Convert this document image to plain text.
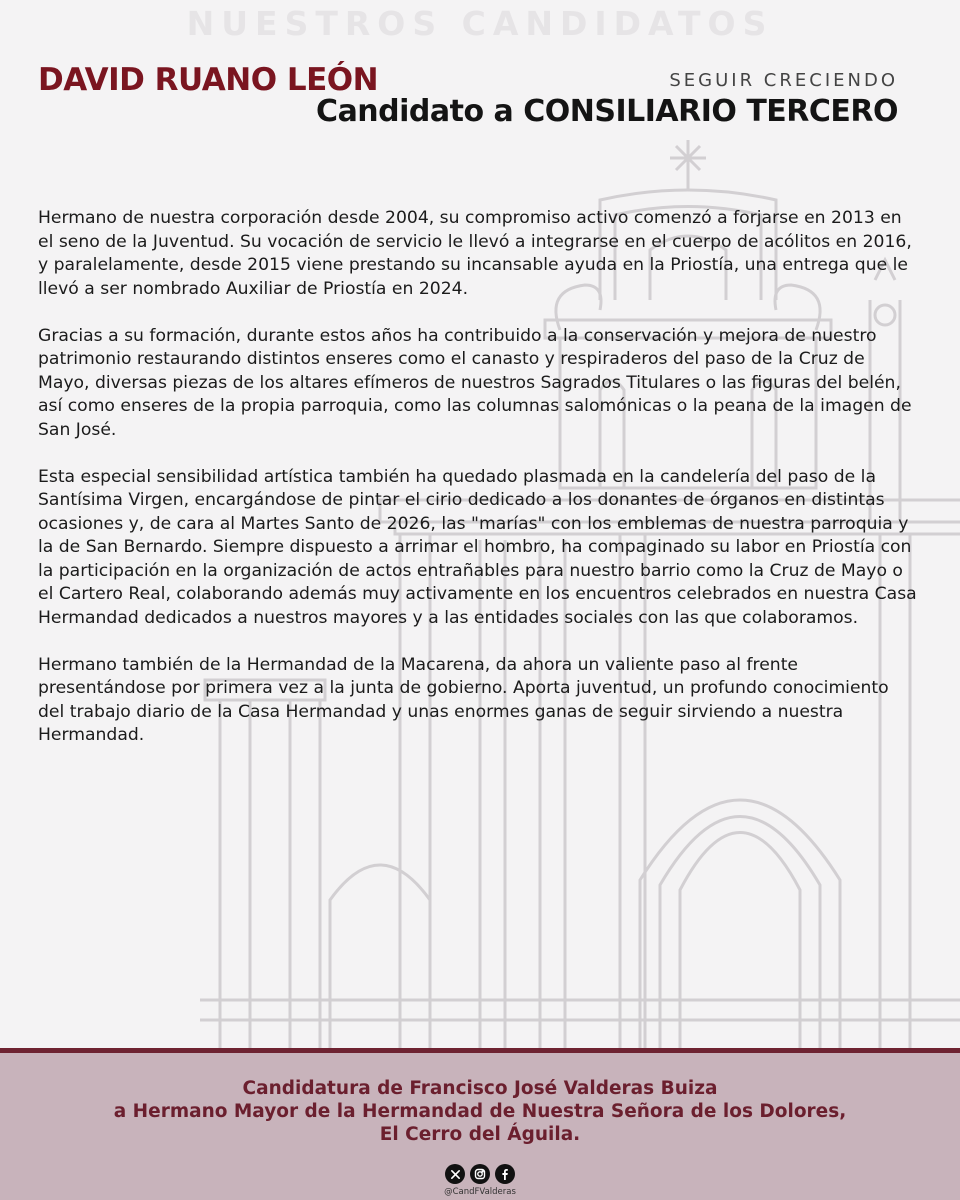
NUESTROS CANDIDATOS
DAVID RUANO LEÓN	SEGUIR CRECIENDO
Candidato a CONSILIARIO TERCERO

Hermano de nuestra corporación desde 2004, su compromiso activo comenzó a forjarse en 2013 en el seno de la Juventud. Su vocación de servicio le llevó a integrarse en el cuerpo de acólitos en 2016, y paralelamente, desde 2015 viene prestando su incansable ayuda en la Priostía, una entrega que le llevó a ser nombrado Auxiliar de Priostía en 2024.

Gracias a su formación, durante estos años ha contribuido a la conservación y mejora de nuestro patrimonio restaurando distintos enseres como el canasto y respiraderos del paso de la Cruz de Mayo, diversas piezas de los altares efímeros de nuestros Sagrados Titulares o las figuras del belén, así como enseres de la propia parroquia, como las columnas salomónicas o la peana de la imagen de San José.

Esta especial sensibilidad artística también ha quedado plasmada en la candelería del paso de la Santísima Virgen, encargándose de pintar el cirio dedicado a los donantes de órganos en distintas ocasiones y, de cara al Martes Santo de 2026, las "marías" con los emblemas de nuestra parroquia y la de San Bernardo. Siempre dispuesto a arrimar el hombro, ha compaginado su labor en Priostía con la participación en la organización de actos entrañables para nuestro barrio como la Cruz de Mayo o el Cartero Real, colaborando además muy activamente en los encuentros celebrados en nuestra Casa Hermandad dedicados a nuestros mayores y a las entidades sociales con las que colaboramos.

Hermano también de la Hermandad de la Macarena, da ahora un valiente paso al frente presentándose por primera vez a la junta de gobierno. Aporta juventud, un profundo conocimiento del trabajo diario de la Casa Hermandad y unas enormes ganas de seguir sirviendo a nuestra Hermandad.

Candidatura de Francisco José Valderas Buiza
a Hermano Mayor de la Hermandad de Nuestra Señora de los Dolores,
El Cerro del Águila.
@CandFValderas
